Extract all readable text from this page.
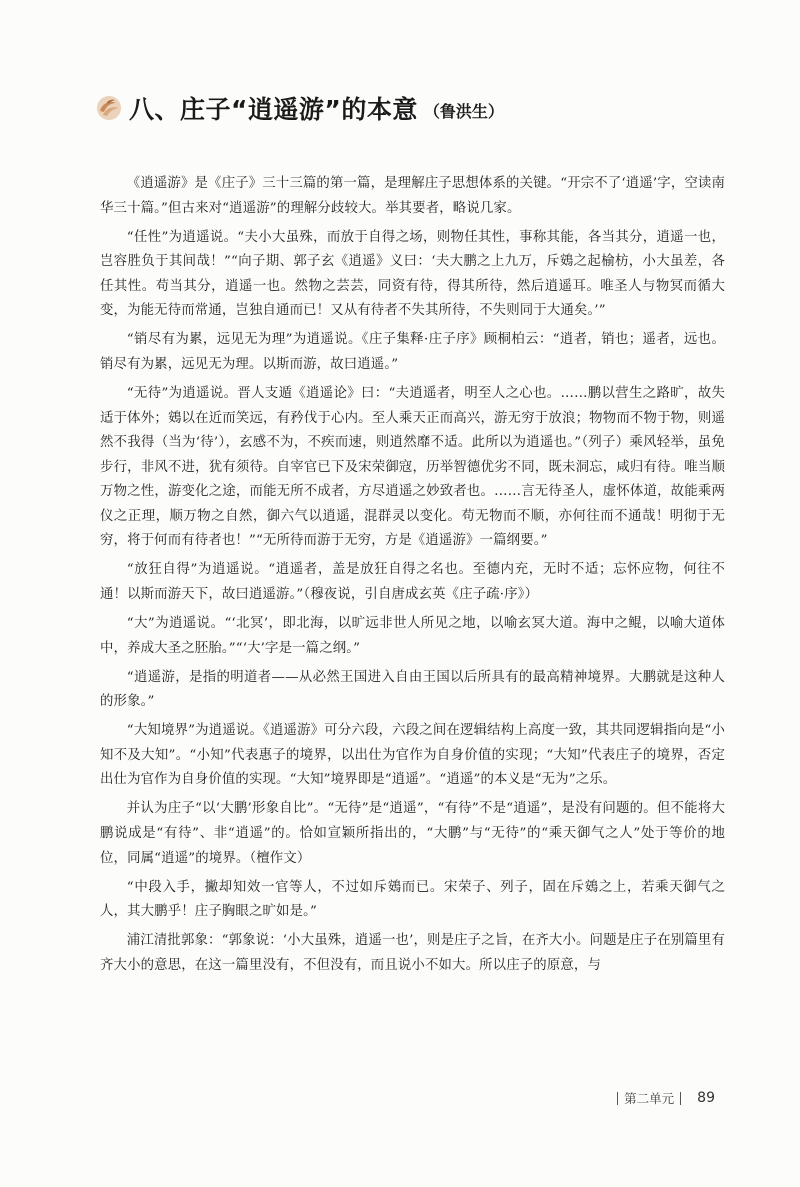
八、庄子“逍遥游”的本意 （鲁洪生）

《逍遥游》是《庄子》三十三篇的第一篇，是理解庄子思想体系的关键。“开宗不了‘逍遥’字，空读南华三十篇。”但古来对“逍遥游”的理解分歧较大。举其要者，略说几家。

“任性”为逍遥说。“夫小大虽殊，而放于自得之场，则物任其性，事称其能，各当其分，逍遥一也，岂容胜负于其间哉！”“向子期、郭子玄《逍遥》义曰：‘夫大鹏之上九万，斥鴳之起榆枋，小大虽差，各任其性。苟当其分，逍遥一也。然物之芸芸，同资有待，得其所待，然后逍遥耳。唯圣人与物冥而循大变，为能无待而常通，岂独自通而已！又从有待者不失其所待，不失则同于大通矣。’”

“销尽有为累，远见无为理”为逍遥说。《庄子集释·庄子序》顾桐柏云：“逍者，销也；遥者，远也。销尽有为累，远见无为理。以斯而游，故曰逍遥。”

“无待”为逍遥说。晋人支遁《逍遥论》曰：“夫逍遥者，明至人之心也。……鹏以营生之路旷，故失适于体外；鴳以在近而笑远，有矜伐于心内。至人乘天正而高兴，游无穷于放浪；物物而不物于物，则遥然不我得（当为‘待’），玄感不为，不疾而速，则逍然靡不适。此所以为逍遥也。”（列子）乘风轻举，虽免步行，非风不进，犹有须待。自宰官已下及宋荣御寇，历举智德优劣不同，既未洞忘，咸归有待。唯当顺万物之性，游变化之途，而能无所不成者，方尽逍遥之妙致者也。……言无待圣人，虚怀体道，故能乘两仪之正理，顺万物之自然，御六气以逍遥，混群灵以变化。苟无物而不顺，亦何往而不通哉！明彻于无穷，将于何而有待者也！”“无所待而游于无穷，方是《逍遥游》一篇纲要。”

“放狂自得”为逍遥说。“逍遥者，盖是放狂自得之名也。至德内充，无时不适；忘怀应物，何往不通！以斯而游天下，故曰逍遥游。”（穆夜说，引自唐成玄英《庄子疏·序》）

“大”为逍遥说。“‘北冥’，即北海，以旷远非世人所见之地，以喻玄冥大道。海中之鲲，以喻大道体中，养成大圣之胚胎。”“‘大’字是一篇之纲。”

“逍遥游，是指的明道者——从必然王国进入自由王国以后所具有的最高精神境界。大鹏就是这种人的形象。”

“大知境界”为逍遥说。《逍遥游》可分六段，六段之间在逻辑结构上高度一致，其共同逻辑指向是“小知不及大知”。“小知”代表惠子的境界，以出仕为官作为自身价值的实现；“大知”代表庄子的境界，否定出仕为官作为自身价值的实现。“大知”境界即是“逍遥”。“逍遥”的本义是“无为”之乐。

并认为庄子“以‘大鹏’形象自比”。“无待”是“逍遥”，“有待”不是“逍遥”，是没有问题的。但不能将大鹏说成是“有待”、非“逍遥”的。恰如宣颖所指出的，“大鹏”与“无待”的“乘天御气之人”处于等价的地位，同属“逍遥”的境界。（檀作文）

“中段入手，撇却知效一官等人，不过如斥鴳而已。宋荣子、列子，固在斥鴳之上，若乘天御气之人，其大鹏乎！庄子胸眼之旷如是。”

浦江清批郭象：“郭象说：‘小大虽殊，逍遥一也’，则是庄子之旨，在齐大小。问题是庄子在别篇里有齐大小的意思，在这一篇里没有，不但没有，而且说小不如大。所以庄子的原意，与

第二单元 89
